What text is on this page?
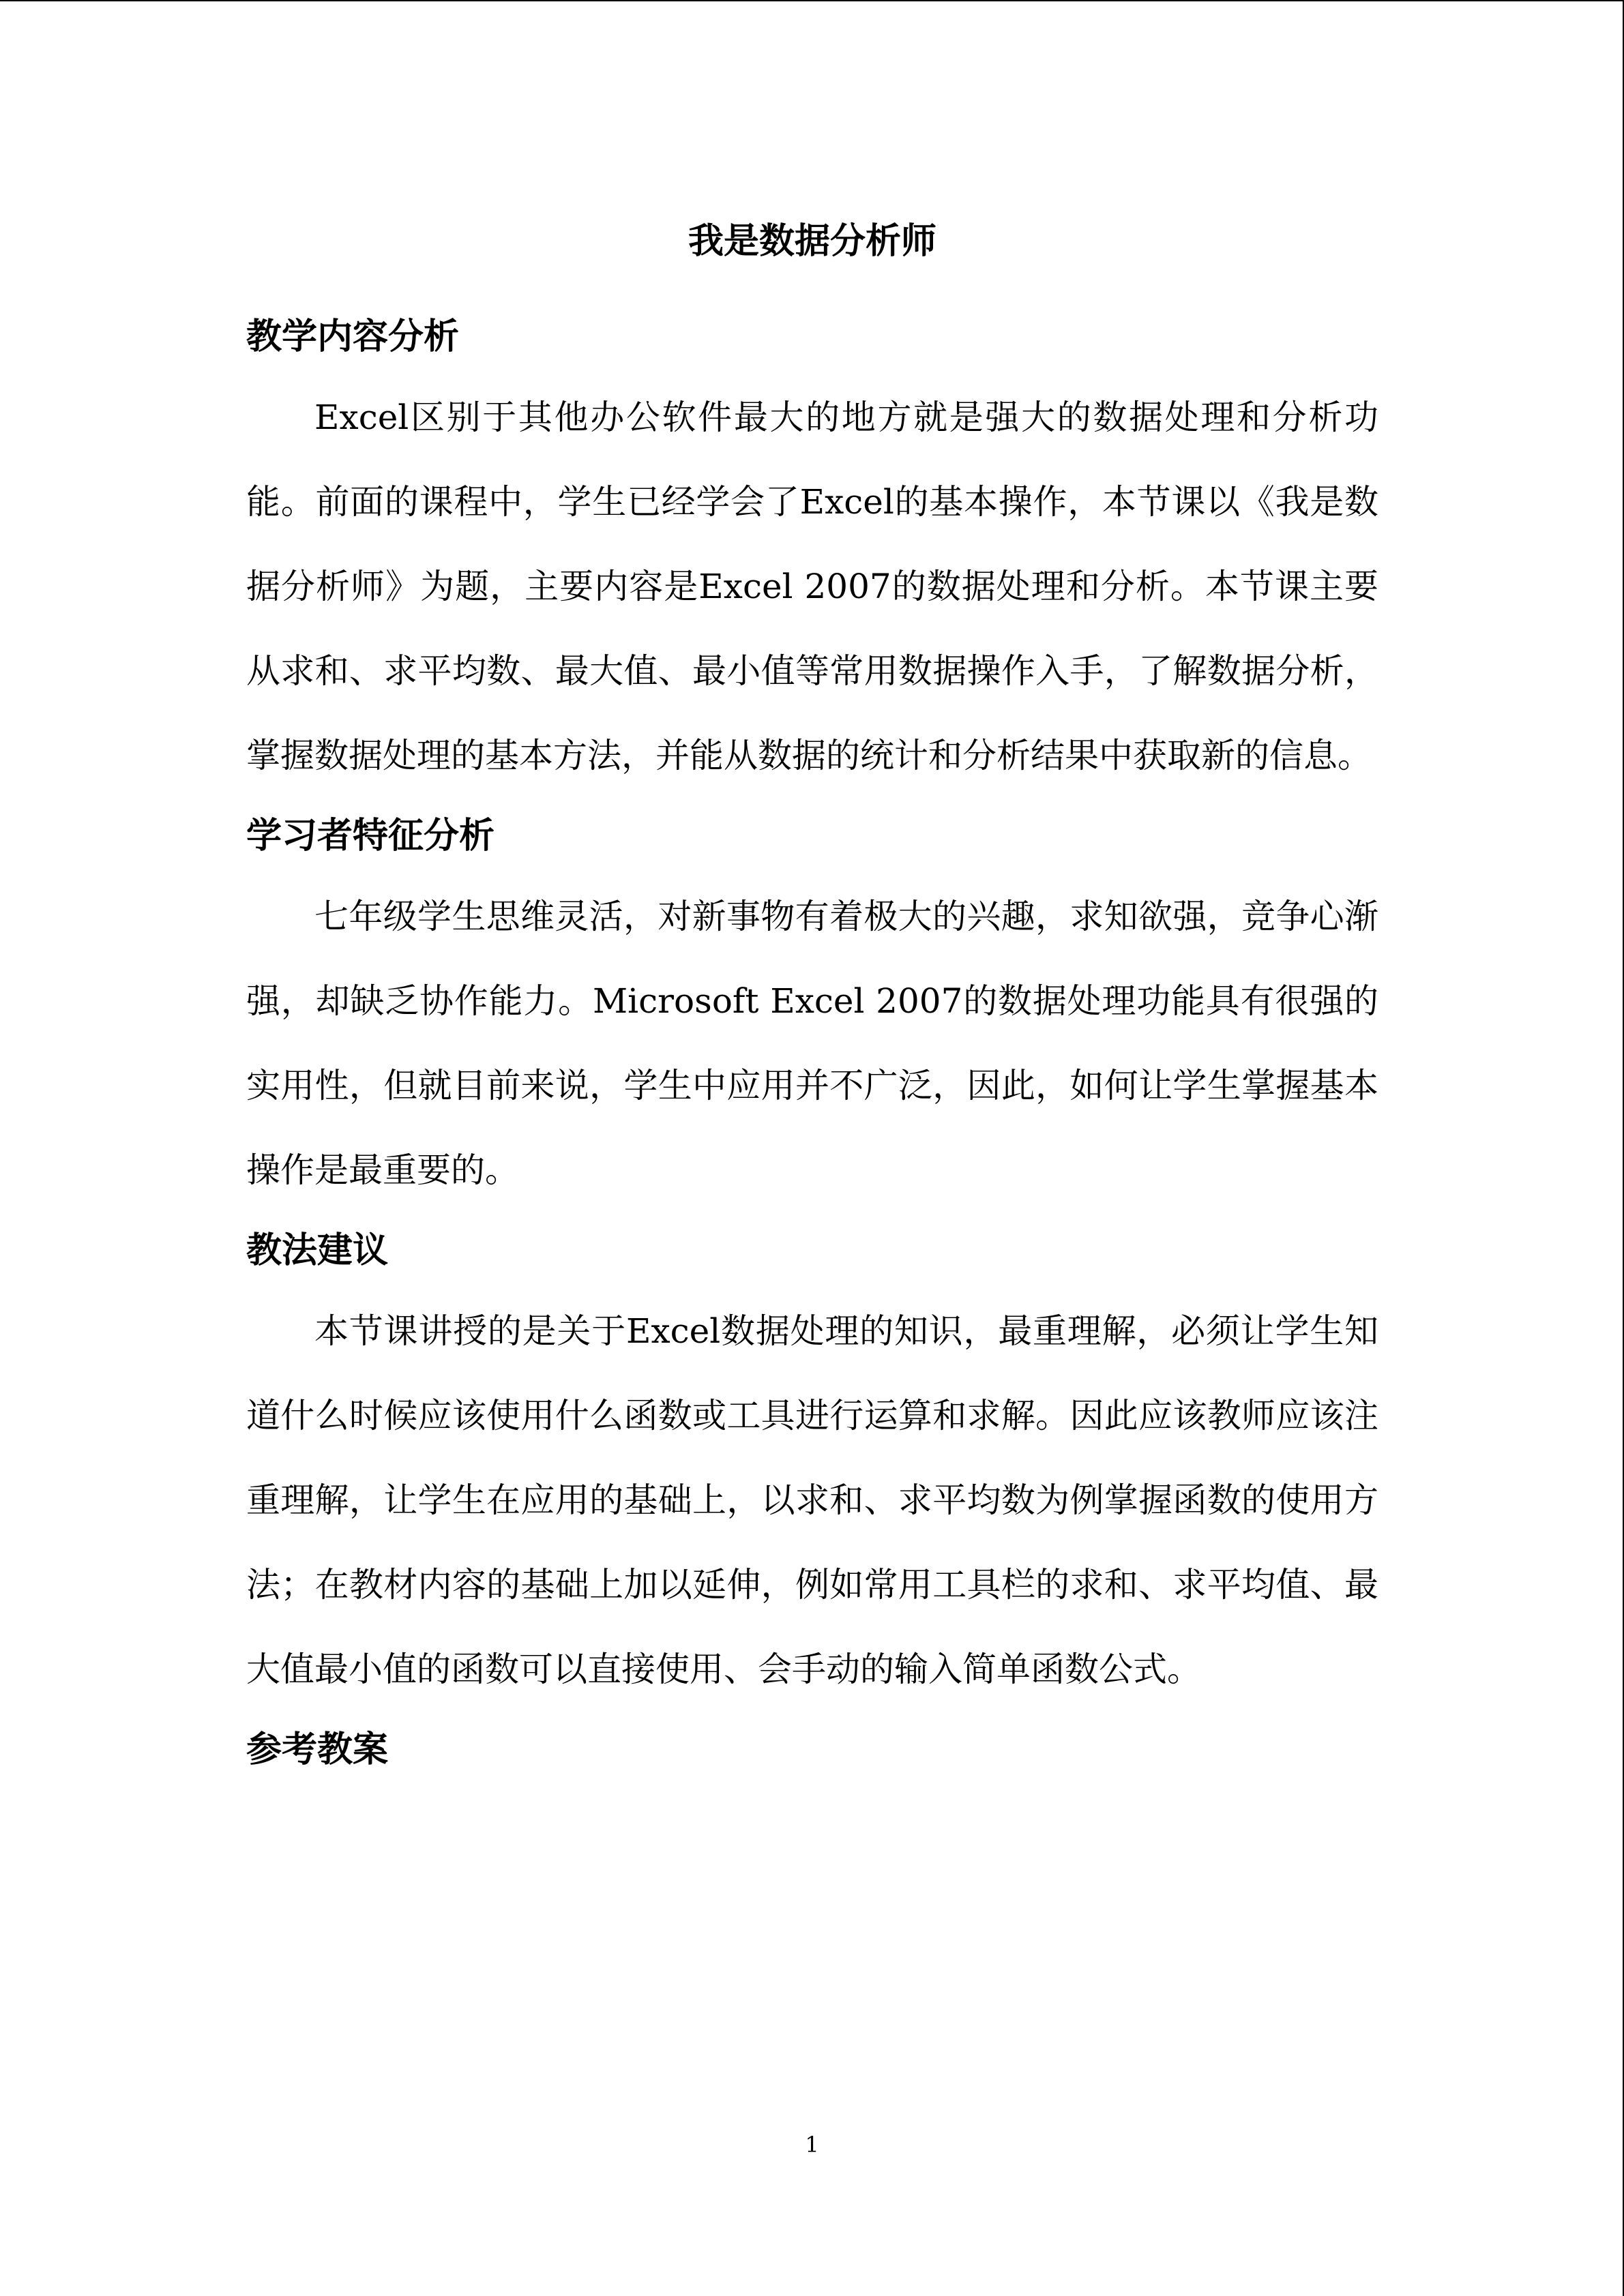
我是数据分析师
教学内容分析

Excel区别于其他办公软件最大的地方就是强大的数据处理和分析功能。前面的课程中，学生已经学会了Excel的基本操作，本节课以《我是数据分析师》为题，主要内容是Excel 2007的数据处理和分析。本节课主要从求和、求平均数、最大值、最小值等常用数据操作入手，了解数据分析，掌握数据处理的基本方法，并能从数据的统计和分析结果中获取新的信息。

学习者特征分析

七年级学生思维灵活，对新事物有着极大的兴趣，求知欲强，竞争心渐强，却缺乏协作能力。Microsoft Excel 2007的数据处理功能具有很强的实用性，但就目前来说，学生中应用并不广泛，因此，如何让学生掌握基本操作是最重要的。

教法建议

本节课讲授的是关于Excel数据处理的知识，最重理解，必须让学生知道什么时候应该使用什么函数或工具进行运算和求解。因此应该教师应该注重理解，让学生在应用的基础上，以求和、求平均数为例掌握函数的使用方法；在教材内容的基础上加以延伸，例如常用工具栏的求和、求平均值、最大值最小值的函数可以直接使用、会手动的输入简单函数公式。

参考教案
1
